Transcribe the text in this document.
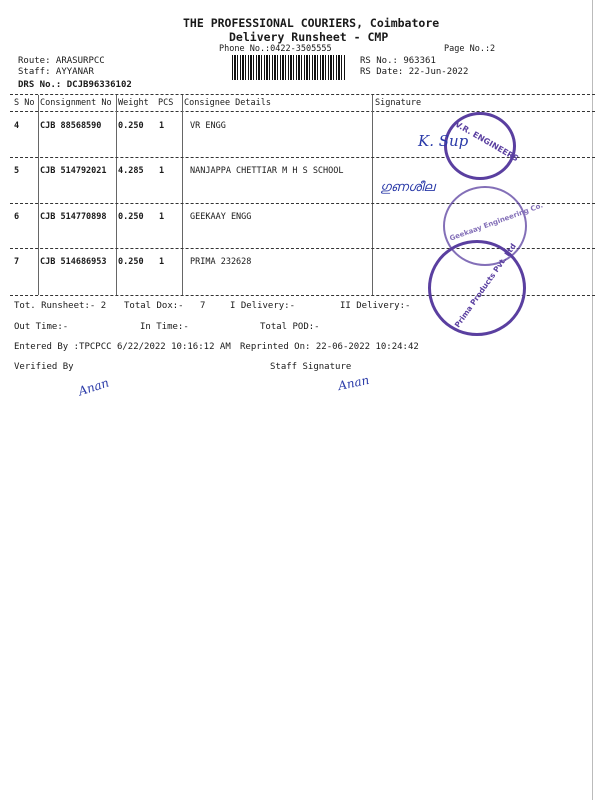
THE PROFESSIONAL COURIERS, Coimbatore
Delivery Runsheet - CMP
Phone No.:0422-3505555	Page No.:2
Route: ARASURPCC
Staff: AYYANAR
DRS No.: DCJB96336102
RS No.: 963361
RS Date: 22-Jun-2022
S No Consignment No Weight PCS Consignee Details	Signature
4 CJB 88568590 0.250 1	VR ENGG
5 CJB 514792021 4.285 1	NANJAPPA CHETTIAR M H S SCHOOL
6 CJB 514770898 0.250 1	GEEKAAY ENGG
7 CJB 514686953 0.250 1	PRIMA 232628
V.R. ENGINEERS
K. Sup
Geekaay Engineering Co.
ഗുണശീല
Prima Products Pvt. Ltd
Tot. Runsheet:- 2 Total Dox:- 7	I Delivery:-	II Delivery:-
Out Time:-	In Time:-	Total POD:-
Entered By :TPCPCC 6/22/2022 10:16:12 AM Reprinted On: 22-06-2022 10:24:42
Verified By	Staff Signature
Anan	Anan
